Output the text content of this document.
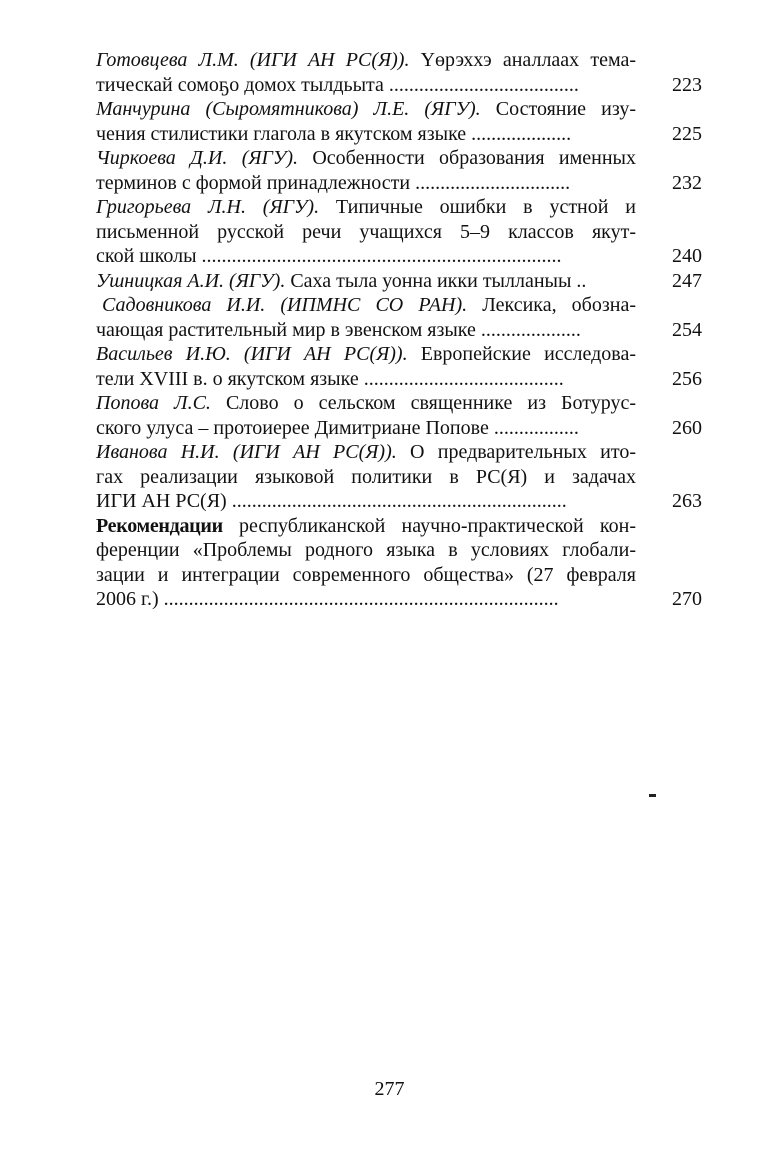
Готовцева Л.М. (ИГИ АН РС(Я)). Үөрэххэ аналлаах тема-
тическай сомоҕо домох тылдьыта ......................................	223
Манчурина (Сыромятникова) Л.Е. (ЯГУ). Состояние изу-
чения стилистики глагола в якутском языке ....................	225
Чиркоева Д.И. (ЯГУ). Особенности образования именных
терминов с формой принадлежности ...............................	232
Григорьева Л.Н. (ЯГУ). Типичные ошибки в устной и
письменной русской речи учащихся 5–9 классов якут-
ской школы ........................................................................	240
Ушницкая А.И. (ЯГУ). Саха тыла уонна икки тылланыы ..	247
Садовникова И.И. (ИПМНС СО РАН). Лексика, обозна-
чающая растительный мир в эвенском языке ....................	254
Васильев И.Ю. (ИГИ АН РС(Я)). Европейские исследова-
тели XVIII в. о якутском языке ........................................	256
Попова Л.С. Слово о сельском священнике из Ботурус-
ского улуса – протоиерее Димитриане Попове .................	260
Иванова Н.И. (ИГИ АН РС(Я)). О предварительных ито-
гах реализации языковой политики в РС(Я) и задачах
ИГИ АН РС(Я) ...................................................................	263
Рекомендации республиканской научно-практической кон-
ференции «Проблемы родного языка в условиях глобали-
зации и интеграции современного общества» (27 февраля
2006 г.) ...............................................................................	270
277
